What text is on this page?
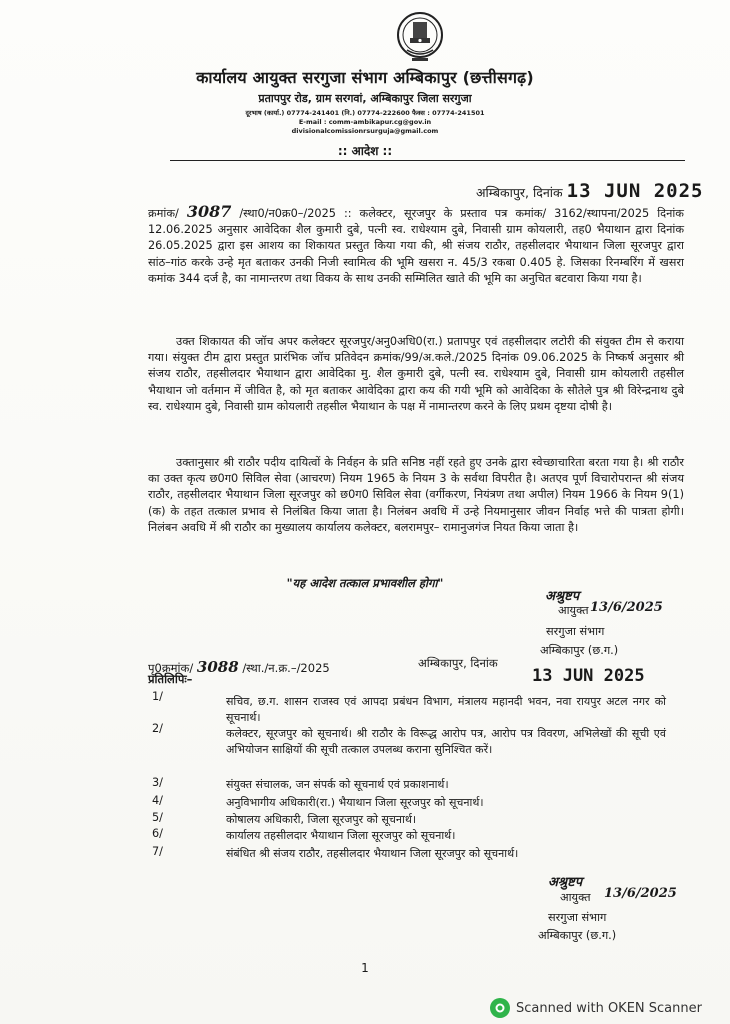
कार्यालय आयुक्त सरगुजा संभाग अम्बिकापुर (छत्तीसगढ़)
प्रतापपुर रोड, ग्राम सरगवां, अम्बिकापुर जिला सरगुजा
दूरभाष (कार्या.) 07774-241401 (नि.) 07774-222600 फैक्स : 07774-241501
E-mail : comm-ambikapur.cg@gov.in
divisionalcomissionrsurguja@gmail.com
:: आदेश ::
अम्बिकापुर, दिनांक 13 JUN 2025

क्रमांक/ 3087 /स्था0/न0क्र0–/2025 :: कलेक्टर, सूरजपुर के प्रस्ताव पत्र कमांक/ 3162/स्थापना/2025 दिनांक 12.06.2025 अनुसार आवेदिका शैल कुमारी दुबे, पत्नी स्व. राधेश्याम दुबे, निवासी ग्राम कोयलारी, तह0 भैयाथान द्वारा दिनांक 26.05.2025 द्वारा इस आशय का शिकायत प्रस्तुत किया गया की, श्री संजय राठौर, तहसीलदार भैयाथान जिला सूरजपुर द्वारा सांठ–गांठ करके उन्हे मृत बताकर उनकी निजी स्वामित्व की भूमि खसरा न. 45/3 रकबा 0.405 हे. जिसका रिनम्बरिंग में खसरा कमांक 344 दर्ज है, का नामान्तरण तथा विकय के साथ उनकी सम्मिलित खाते की भूमि का अनुचित बटवारा किया गया है।

उक्त शिकायत की जॉच अपर कलेक्टर सूरजपुर/अनु0अधि0(रा.) प्रतापपुर एवं तहसीलदार लटोरी की संयुक्त टीम से कराया गया। संयुक्त टीम द्वारा प्रस्तुत प्रारंभिक जॉच प्रतिवेदन क्रमांक/99/अ.कले./2025 दिनांक 09.06.2025 के निष्कर्ष अनुसार श्री संजय राठौर, तहसीलदार भैयाथान द्वारा आवेदिका मु. शैल कुमारी दुबे, पत्नी स्व. राधेश्याम दुबे, निवासी ग्राम कोयलारी तहसील भैयाथान जो वर्तमान में जीवित है, को मृत बताकर आवेदिका द्वारा कय की गयी भूमि को आवेदिका के सौतेले पुत्र श्री विरेन्द्रनाथ दुबे स्व. राधेश्याम दुबे, निवासी ग्राम कोयलारी तहसील भैयाथान के पक्ष में नामान्तरण करने के लिए प्रथम दृष्टया दोषी है।

उक्तानुसार श्री राठौर पदीय दायित्वों के निर्वहन के प्रति सनिष्ठ नहीं रहते हुए उनके द्वारा स्वेच्छाचारिता बरता गया है। श्री राठौर का उक्त कृत्य छ0ग0 सिविल सेवा (आचरण) नियम 1965 के नियम 3 के सर्वथा विपरीत है। अतएव पूर्ण विचारोपरान्त श्री संजय राठौर, तहसीलदार भैयाथान जिला सूरजपुर को छ0ग0 सिविल सेवा (वर्गीकरण, नियंत्रण तथा अपील) नियम 1966 के नियम 9(1)(क) के तहत तत्काल प्रभाव से निलंबित किया जाता है। निलंबन अवधि में उन्हे नियमानुसार जीवन निर्वाह भत्ते की पात्रता होगी। निलंबन अवधि में श्री राठौर का मुख्यालय कार्यालय कलेक्टर, बलरामपुर– रामानुजगंज नियत किया जाता है।

"यह आदेश तत्काल प्रभावशील होगा"
अश्रुष्टप
13/6/2025
आयुक्त
सरगुजा संभाग
अम्बिकापुर (छ.ग.)
पृ0क्रमांक/ 3088 /स्था./न.क्र.–/2025	अम्बिकापुर, दिनांक
13 JUN 2025
प्रतिलिपिः–
1/	सचिव, छ.ग. शासन राजस्व एवं आपदा प्रबंधन विभाग, मंत्रालय महानदी भवन, नवा रायपुर अटल नगर को सूचनार्थ।
2/	कलेक्टर, सूरजपुर को सूचनार्थ। श्री राठौर के विरूद्ध आरोप पत्र, आरोप पत्र विवरण, अभिलेखों की सूची एवं अभियोजन साक्षियों की सूची तत्काल उपलब्ध कराना सुनिश्चित करें।
3/	संयुक्त संचालक, जन संपर्क को सूचनार्थ एवं प्रकाशनार्थ।
4/	अनुविभागीय अधिकारी(रा.) भैयाथान जिला सूरजपुर को सूचनार्थ।
5/	कोषालय अधिकारी, जिला सूरजपुर को सूचनार्थ।
6/	कार्यालय तहसीलदार भैयाथान जिला सूरजपुर को सूचनार्थ।
7/	संबंधित श्री संजय राठौर, तहसीलदार भैयाथान जिला सूरजपुर को सूचनार्थ।
अश्रुष्टप
13/6/2025
आयुक्त
सरगुजा संभाग
अम्बिकापुर (छ.ग.)
1
Scanned with OKEN Scanner
